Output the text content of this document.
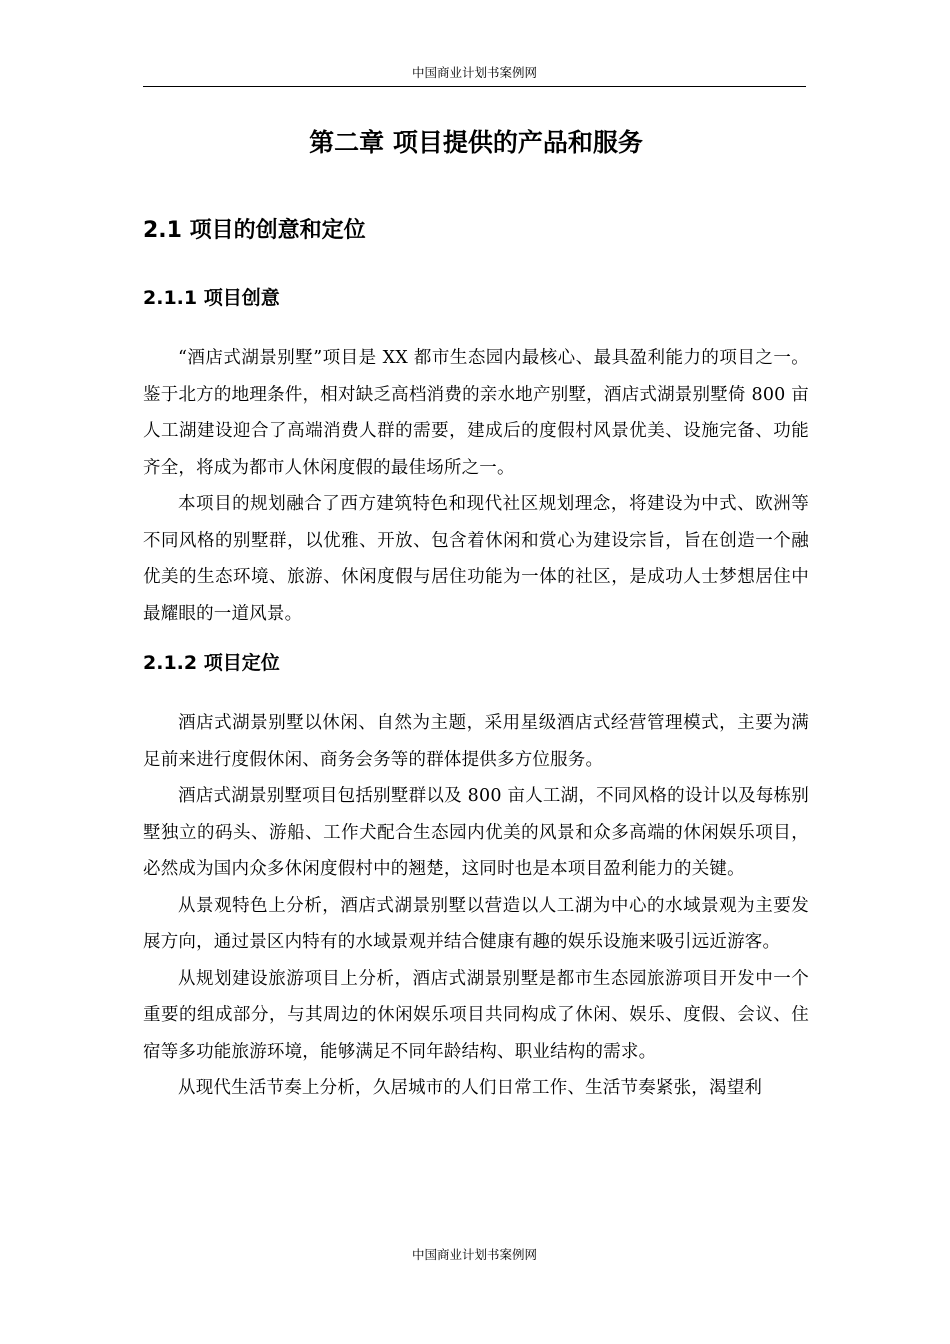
中国商业计划书案例网
第二章 项目提供的产品和服务
2.1 项目的创意和定位
2.1.1 项目创意

“酒店式湖景别墅”项目是 XX 都市生态园内最核心、最具盈利能力的项目之一。鉴于北方的地理条件，相对缺乏高档消费的亲水地产别墅，酒店式湖景别墅倚 800 亩人工湖建设迎合了高端消费人群的需要，建成后的度假村风景优美、设施完备、功能齐全，将成为都市人休闲度假的最佳场所之一。

本项目的规划融合了西方建筑特色和现代社区规划理念，将建设为中式、欧洲等不同风格的别墅群，以优雅、开放、包含着休闲和赏心为建设宗旨，旨在创造一个融优美的生态环境、旅游、休闲度假与居住功能为一体的社区，是成功人士梦想居住中最耀眼的一道风景。

2.1.2 项目定位

酒店式湖景别墅以休闲、自然为主题，采用星级酒店式经营管理模式，主要为满足前来进行度假休闲、商务会务等的群体提供多方位服务。

酒店式湖景别墅项目包括别墅群以及 800 亩人工湖，不同风格的设计以及每栋别墅独立的码头、游船、工作犬配合生态园内优美的风景和众多高端的休闲娱乐项目，必然成为国内众多休闲度假村中的翘楚，这同时也是本项目盈利能力的关键。

从景观特色上分析，酒店式湖景别墅以营造以人工湖为中心的水域景观为主要发展方向，通过景区内特有的水域景观并结合健康有趣的娱乐设施来吸引远近游客。

从规划建设旅游项目上分析，酒店式湖景别墅是都市生态园旅游项目开发中一个重要的组成部分，与其周边的休闲娱乐项目共同构成了休闲、娱乐、度假、会议、住宿等多功能旅游环境，能够满足不同年龄结构、职业结构的需求。

从现代生活节奏上分析，久居城市的人们日常工作、生活节奏紧张，渴望利

中国商业计划书案例网
